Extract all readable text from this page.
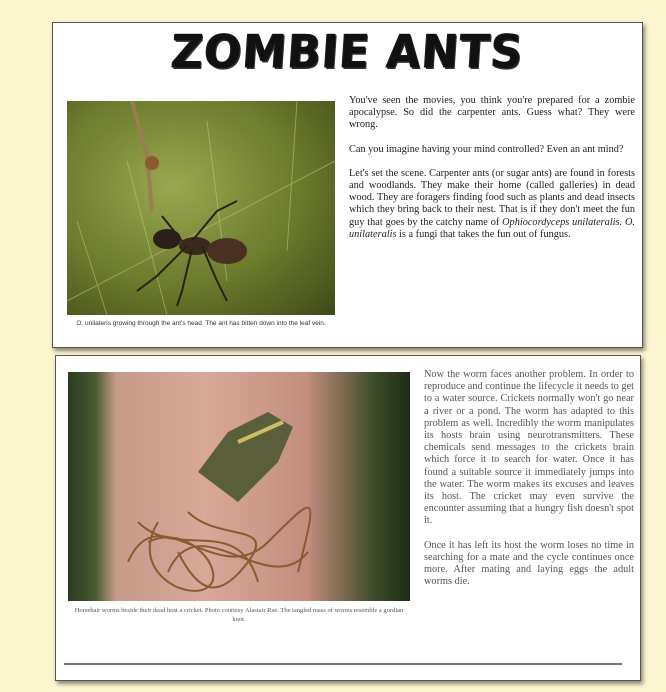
ZOMBIE ANTS
O. unilateris growing through the ant's head. The ant has bitten down into the leaf vein.

You've seen the movies, you think you're prepared for a zombie apocalypse. So did the carpenter ants. Guess what? They were wrong.

Can you imagine having your mind controlled? Even an ant mind?

Let's set the scene. Carpenter ants (or sugar ants) are found in forests and woodlands. They make their home (called galleries) in dead wood. They are foragers finding food such as plants and dead insects which they bring back to their nest. That is if they don't meet the fun guy that goes by the catchy name of Ophiocordyceps unilateralis. O. unilateralis is a fungi that takes the fun out of fungus.

Horsehair worms beside their dead host a cricket. Photo courtesy Alastair Rae. The tangled mass of worms resemble a gordian knot.

Now the worm faces another problem. In order to reproduce and continue the lifecycle it needs to get to a water source. Crickets normally won't go near a river or a pond. The worm has adapted to this problem as well. Incredibly the worm manipulates its hosts brain using neurotransmitters. These chemicals send messages to the crickets brain which force it to search for water. Once it has found a suitable source it immediately jumps into the water. The worm makes its excuses and leaves its host. The cricket may even survive the encounter assuming that a hungry fish doesn't spot it.

Once it has left its host the worm loses no time in searching for a mate and the cycle continues once more. After mating and laying eggs the adult worms die.
